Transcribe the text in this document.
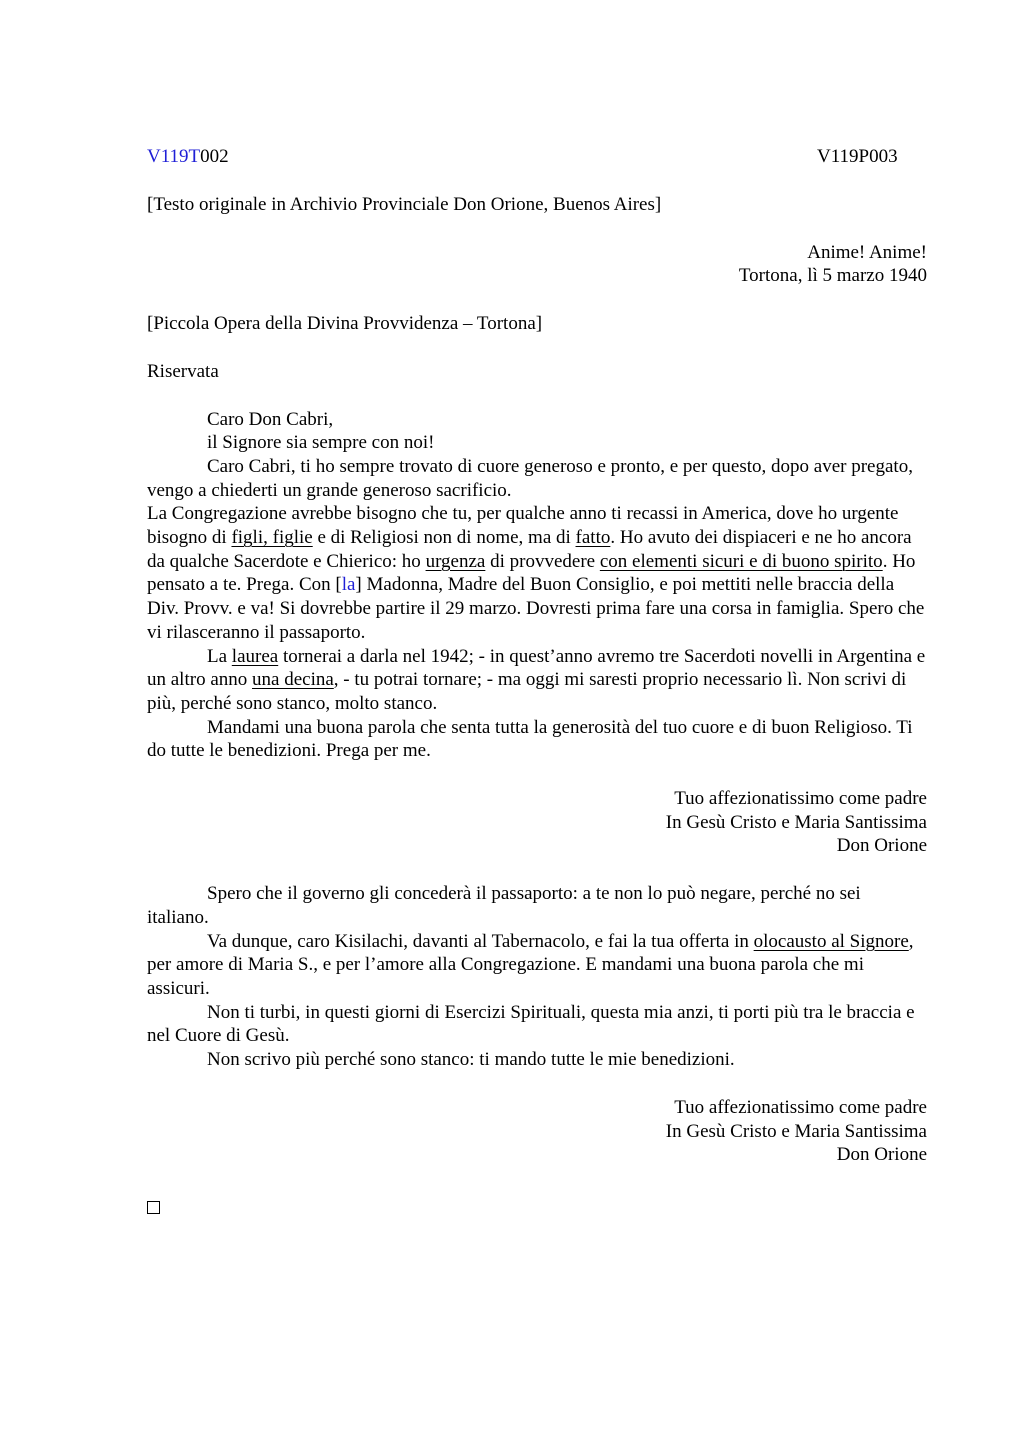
V119T002	V119P003

[Testo originale in Archivio Provinciale Don Orione, Buenos Aires]

Anime! Anime!

Tortona, lì 5 marzo 1940

[Piccola Opera della Divina Provvidenza – Tortona]

Riservata

Caro Don Cabri,

il Signore sia sempre con noi!

Caro Cabri, ti ho sempre trovato di cuore generoso e pronto, e per questo, dopo aver pregato, vengo a chiederti un grande generoso sacrificio.

La Congregazione avrebbe bisogno che tu, per qualche anno ti recassi in America, dove ho urgente bisogno di figli, figlie e di Religiosi non di nome, ma di fatto. Ho avuto dei dispiaceri e ne ho ancora da qualche Sacerdote e Chierico: ho urgenza di provvedere con elementi sicuri e di buono spirito. Ho pensato a te. Prega. Con [la] Madonna, Madre del Buon Consiglio, e poi mettiti nelle braccia della Div. Provv. e va! Si dovrebbe partire il 29 marzo. Dovresti prima fare una corsa in famiglia. Spero che vi rilasceranno il passaporto.

La laurea tornerai a darla nel 1942; - in quest’anno avremo tre Sacerdoti novelli in Argentina e un altro anno una decina, - tu potrai tornare; - ma oggi mi saresti proprio necessario lì. Non scrivi di più, perché sono stanco, molto stanco.

Mandami una buona parola che senta tutta la generosità del tuo cuore e di buon Religioso. Ti do tutte le benedizioni. Prega per me.

Tuo affezionatissimo come padre

In Gesù Cristo e Maria Santissima

Don Orione

Spero che il governo gli concederà il passaporto: a te non lo può negare, perché no sei italiano.

Va dunque, caro Kisilachi, davanti al Tabernacolo, e fai la tua offerta in olocausto al Signore, per amore di Maria S., e per l’amore alla Congregazione. E mandami una buona parola che mi assicuri.

Non ti turbi, in questi giorni di Esercizi Spirituali, questa mia anzi, ti porti più tra le braccia e nel Cuore di Gesù.

Non scrivo più perché sono stanco: ti mando tutte le mie benedizioni.

Tuo affezionatissimo come padre

In Gesù Cristo e Maria Santissima

Don Orione
